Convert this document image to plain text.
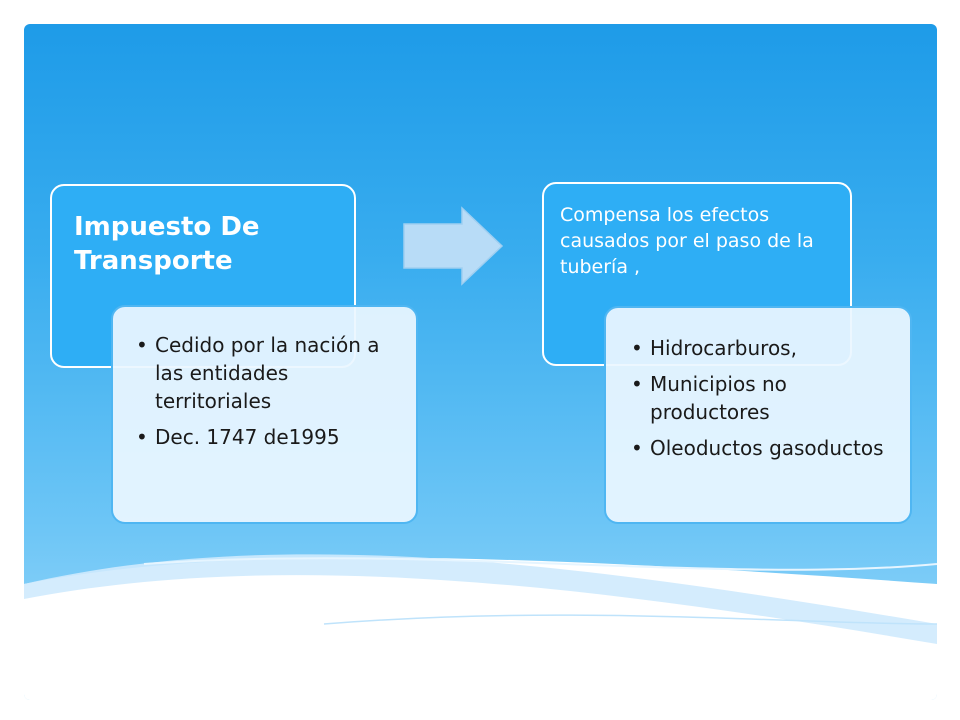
Impuesto De Transporte
• Cedido por la nación a las entidades territoriales
• Dec. 1747 de1995
Compensa los efectos causados por el paso de la tubería ,
• Hidrocarburos,
• Municipios no productores
• Oleoductos gasoductos
